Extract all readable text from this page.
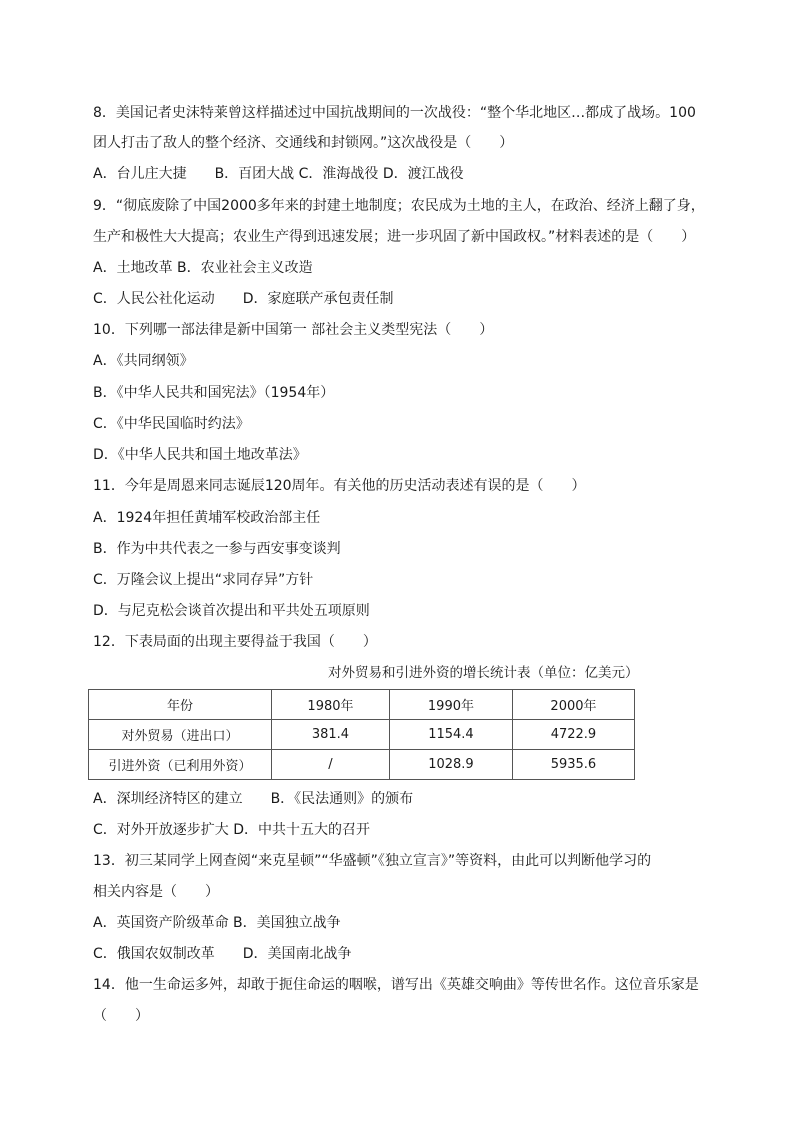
8．美国记者史沫特莱曾这样描述过中国抗战期间的一次战役：“整个华北地区…都成了战场。100
团人打击了敌人的整个经济、交通线和封锁网。”这次战役是（　　）
A．台儿庄大捷　　B．百团大战 C．淮海战役 D．渡江战役
9．“彻底废除了中国2000多年来的封建土地制度；农民成为土地的主人，在政治、经济上翻了身，
生产和极性大大提高；农业生产得到迅速发展；进一步巩固了新中国政权。”材料表述的是（　　）
A．土地改革 B．农业社会主义改造
C．人民公社化运动　　D．家庭联产承包责任制
10．下列哪一部法律是新中国第一 部社会主义类型宪法（　　）
A．《共同纲领》
B．《中华人民共和国宪法》（1954年）
C．《中华民国临时约法》
D．《中华人民共和国土地改革法》
11．今年是周恩来同志诞辰120周年。有关他的历史活动表述有误的是（　　）
A．1924年担任黄埔军校政治部主任
B．作为中共代表之一参与西安事变谈判
C．万隆会议上提出“求同存异”方针
D．与尼克松会谈首次提出和平共处五项原则
12．下表局面的出现主要得益于我国（　　）
对外贸易和引进外资的增长统计表（单位：亿美元）
年份	1980年	1990年	2000年
对外贸易（进出口）	381.4	1154.4	4722.9
引进外资（已利用外资）	/	1028.9	5935.6
A．深圳经济特区的建立　　B．《民法通则》的颁布
C．对外开放逐步扩大 D．中共十五大的召开
13．初三某同学上网查阅“来克星顿”“华盛顿”《独立宣言》”等资料，由此可以判断他学习的
相关内容是（　　）
A．英国资产阶级革命 B．美国独立战争
C．俄国农奴制改革　　D．美国南北战争
14．他一生命运多舛，却敢于扼住命运的咽喉，谱写出《英雄交响曲》等传世名作。这位音乐家是
（　　）
